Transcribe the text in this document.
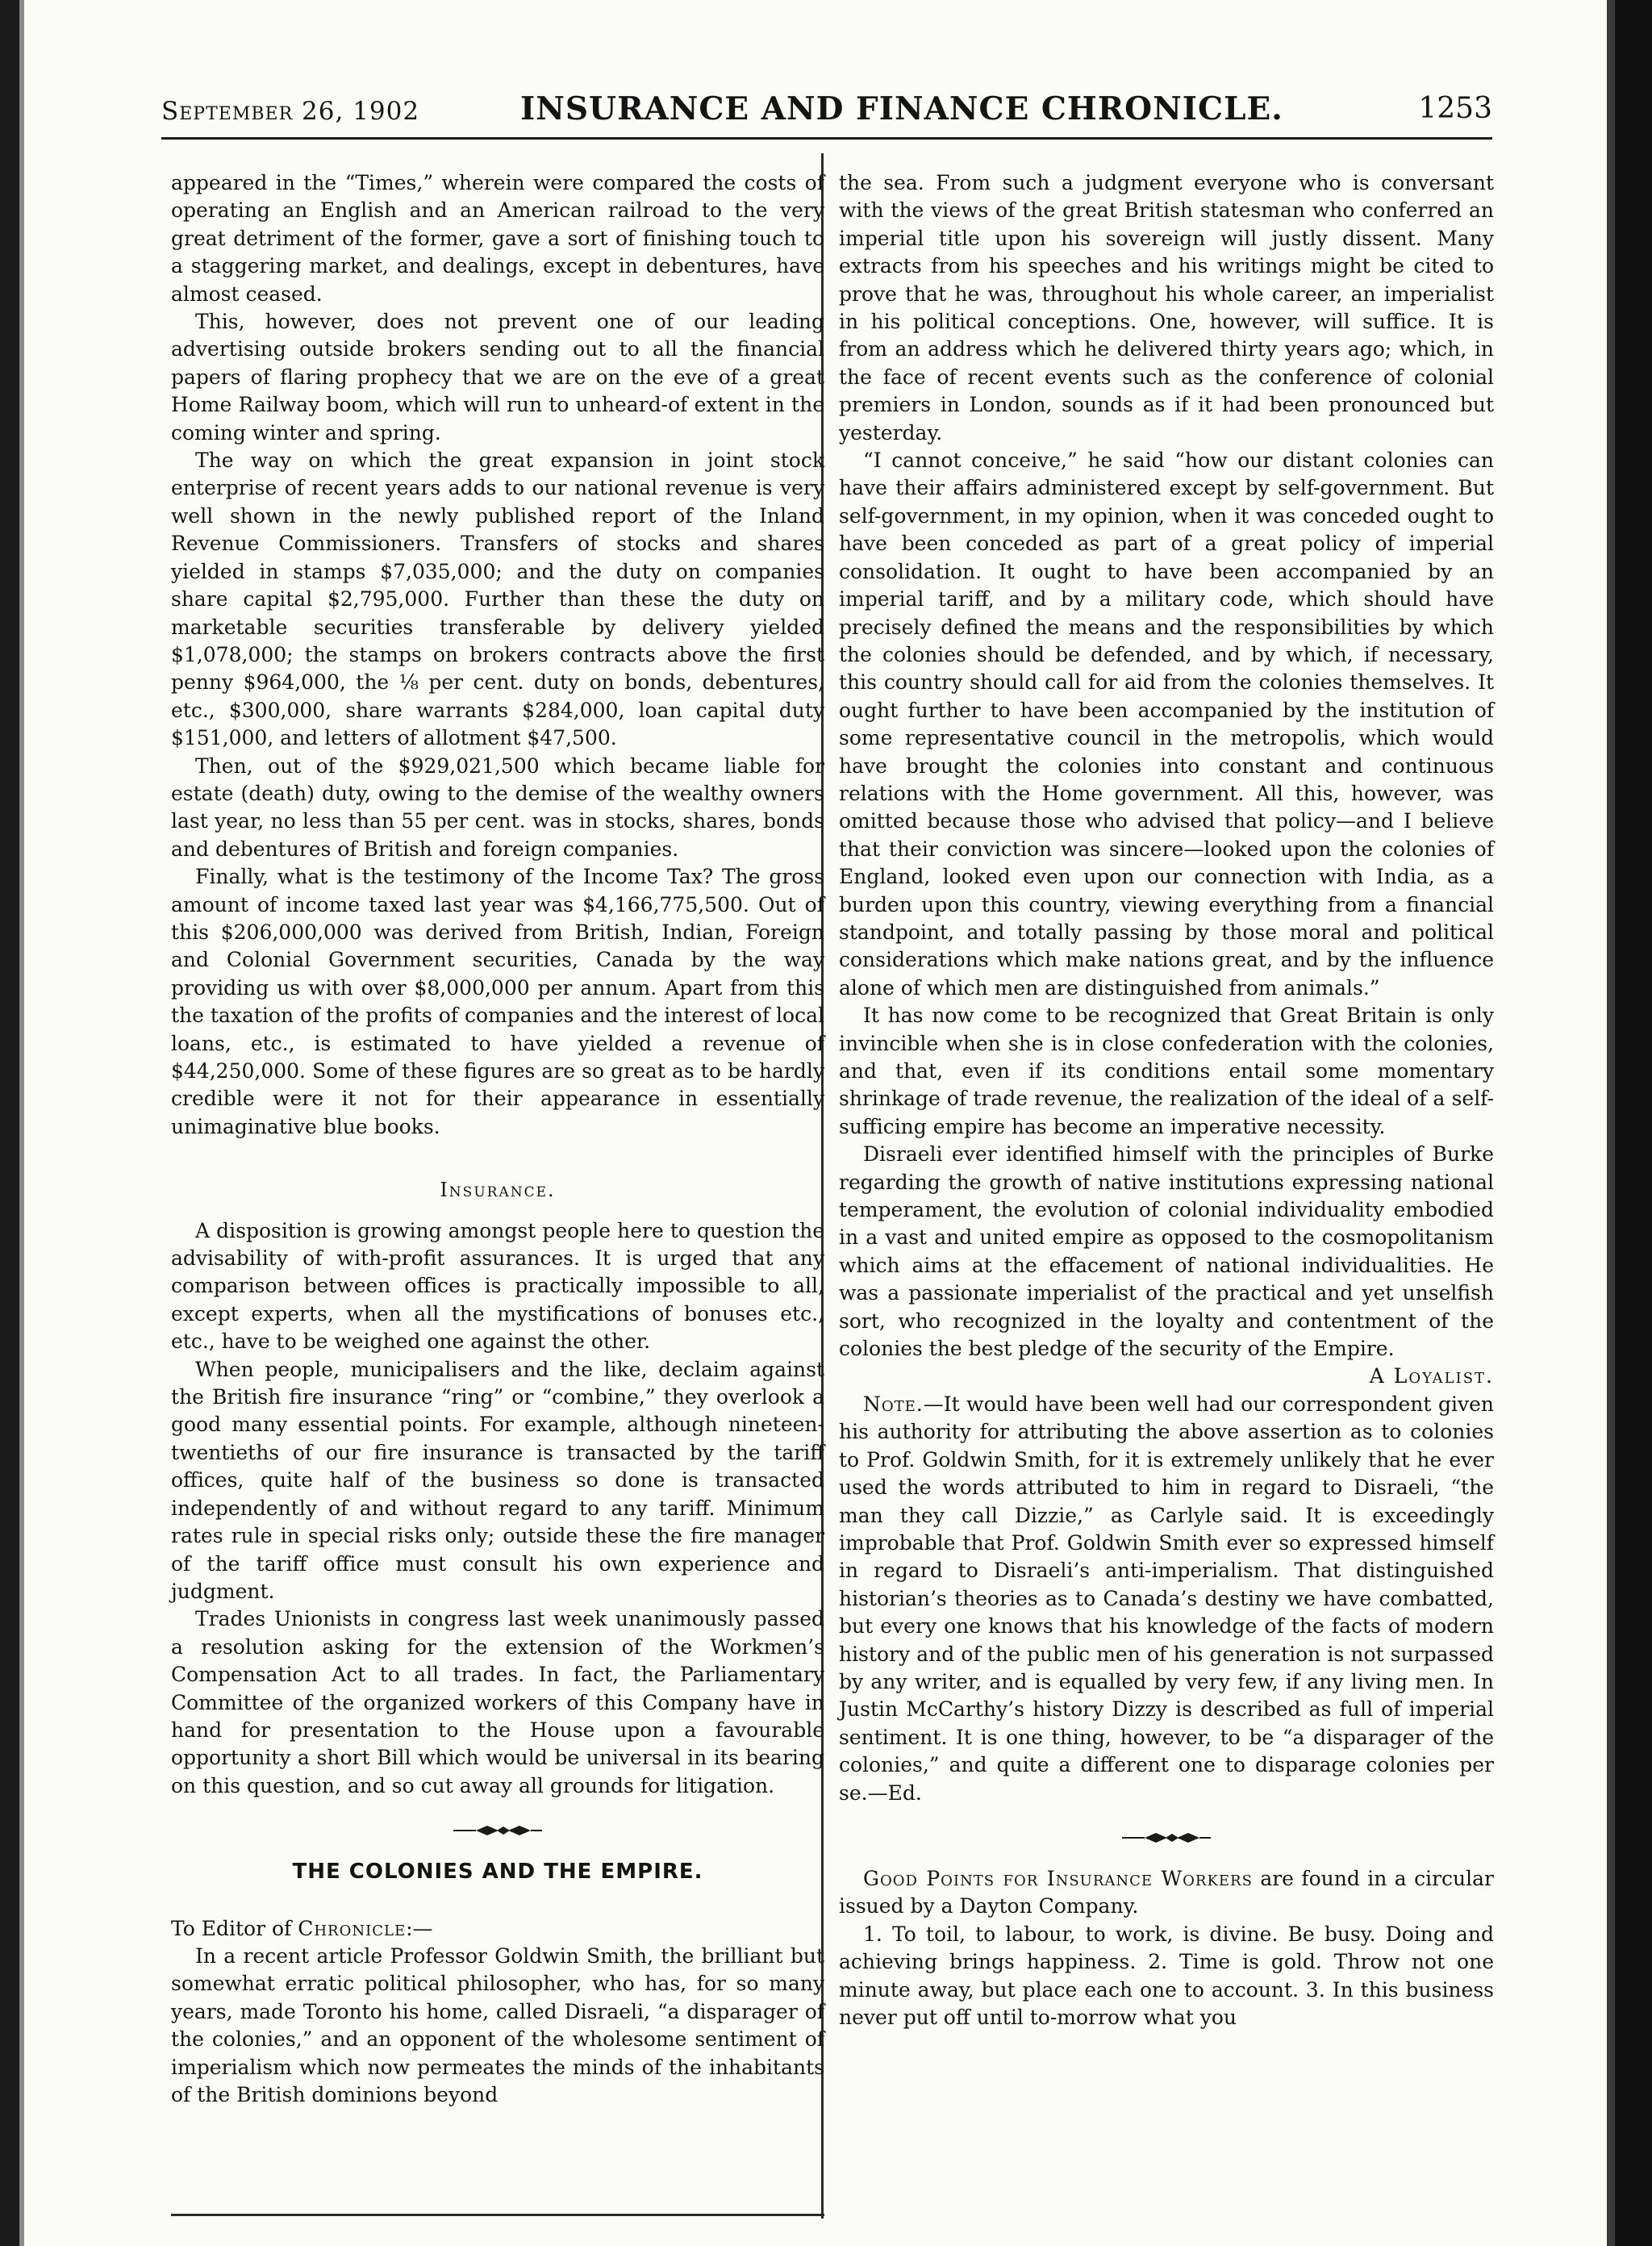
September 26, 1902	INSURANCE AND FINANCE CHRONICLE.	1253

appeared in the “Times,” wherein were compared the costs of operating an English and an American railroad to the very great detriment of the former, gave a sort of finishing touch to a staggering market, and dealings, except in debentures, have almost ceased.

This, however, does not prevent one of our leading advertising outside brokers sending out to all the financial papers of flaring prophecy that we are on the eve of a great Home Railway boom, which will run to unheard-of extent in the coming winter and spring.

The way on which the great expansion in joint stock enterprise of recent years adds to our national revenue is very well shown in the newly published report of the Inland Revenue Commissioners. Transfers of stocks and shares yielded in stamps $7,035,000; and the duty on companies share capital $2,795,000. Further than these the duty on marketable securities transferable by delivery yielded $1,078,000; the stamps on brokers contracts above the first penny $964,000, the ⅛ per cent. duty on bonds, debentures, etc., $300,000, share warrants $284,000, loan capital duty $151,000, and letters of allotment $47,500.

Then, out of the $929,021,500 which became liable for estate (death) duty, owing to the demise of the wealthy owners last year, no less than 55 per cent. was in stocks, shares, bonds and debentures of British and foreign companies.

Finally, what is the testimony of the Income Tax? The gross amount of income taxed last year was $4,166,775,500. Out of this $206,000,000 was derived from British, Indian, Foreign and Colonial Government securities, Canada by the way providing us with over $8,000,000 per annum. Apart from this the taxation of the profits of companies and the interest of local loans, etc., is estimated to have yielded a revenue of $44,250,000. Some of these figures are so great as to be hardly credible were it not for their appearance in essentially unimaginative blue books.

Insurance.

A disposition is growing amongst people here to question the advisability of with-profit assurances. It is urged that any comparison between offices is practically impossible to all, except experts, when all the mystifications of bonuses etc., etc., have to be weighed one against the other.

When people, municipalisers and the like, declaim against the British fire insurance “ring” or “combine,” they overlook a good many essential points. For example, although nineteen-twentieths of our fire insurance is transacted by the tariff offices, quite half of the business so done is transacted independently of and without regard to any tariff. Minimum rates rule in special risks only; outside these the fire manager of the tariff office must consult his own experience and judgment.

Trades Unionists in congress last week unanimously passed a resolution asking for the extension of the Workmen’s Compensation Act to all trades. In fact, the Parliamentary Committee of the organized workers of this Company have in hand for presentation to the House upon a favourable opportunity a short Bill which would be universal in its bearing on this question, and so cut away all grounds for litigation.

THE COLONIES AND THE EMPIRE.

To Editor of Chronicle:—

In a recent article Professor Goldwin Smith, the brilliant but somewhat erratic political philosopher, who has, for so many years, made Toronto his home, called Disraeli, “a disparager of the colonies,” and an opponent of the wholesome sentiment of imperialism which now permeates the minds of the inhabitants of the British dominions beyond

the sea. From such a judgment everyone who is conversant with the views of the great British statesman who conferred an imperial title upon his sovereign will justly dissent. Many extracts from his speeches and his writings might be cited to prove that he was, throughout his whole career, an imperialist in his political conceptions. One, however, will suffice. It is from an address which he delivered thirty years ago; which, in the face of recent events such as the conference of colonial premiers in London, sounds as if it had been pronounced but yesterday.

“I cannot conceive,” he said “how our distant colonies can have their affairs administered except by self-government. But self-government, in my opinion, when it was conceded ought to have been conceded as part of a great policy of imperial consolidation. It ought to have been accompanied by an imperial tariff, and by a military code, which should have precisely defined the means and the responsibilities by which the colonies should be defended, and by which, if necessary, this country should call for aid from the colonies themselves. It ought further to have been accompanied by the institution of some representative council in the metropolis, which would have brought the colonies into constant and continuous relations with the Home government. All this, however, was omitted because those who advised that policy—and I believe that their conviction was sincere—looked upon the colonies of England, looked even upon our connection with India, as a burden upon this country, viewing everything from a financial standpoint, and totally passing by those moral and political considerations which make nations great, and by the influence alone of which men are distinguished from animals.”

It has now come to be recognized that Great Britain is only invincible when she is in close confederation with the colonies, and that, even if its conditions entail some momentary shrinkage of trade revenue, the realization of the ideal of a self-sufficing empire has become an imperative necessity.

Disraeli ever identified himself with the principles of Burke regarding the growth of native institutions expressing national temperament, the evolution of colonial individuality embodied in a vast and united empire as opposed to the cosmopolitanism which aims at the effacement of national individualities. He was a passionate imperialist of the practical and yet unselfish sort, who recognized in the loyalty and contentment of the colonies the best pledge of the security of the Empire.

A Loyalist.

Note.—It would have been well had our correspondent given his authority for attributing the above assertion as to colonies to Prof. Goldwin Smith, for it is extremely unlikely that he ever used the words attributed to him in regard to Disraeli, “the man they call Dizzie,” as Carlyle said. It is exceedingly improbable that Prof. Goldwin Smith ever so expressed himself in regard to Disraeli’s anti-imperialism. That distinguished historian’s theories as to Canada’s destiny we have combatted, but every one knows that his knowledge of the facts of modern history and of the public men of his generation is not surpassed by any writer, and is equalled by very few, if any living men. In Justin McCarthy’s history Dizzy is described as full of imperial sentiment. It is one thing, however, to be “a disparager of the colonies,” and quite a different one to disparage colonies per se.—Ed.

Good Points for Insurance Workers are found in a circular issued by a Dayton Company.

1. To toil, to labour, to work, is divine. Be busy. Doing and achieving brings happiness. 2. Time is gold. Throw not one minute away, but place each one to account. 3. In this business never put off until to-morrow what you
